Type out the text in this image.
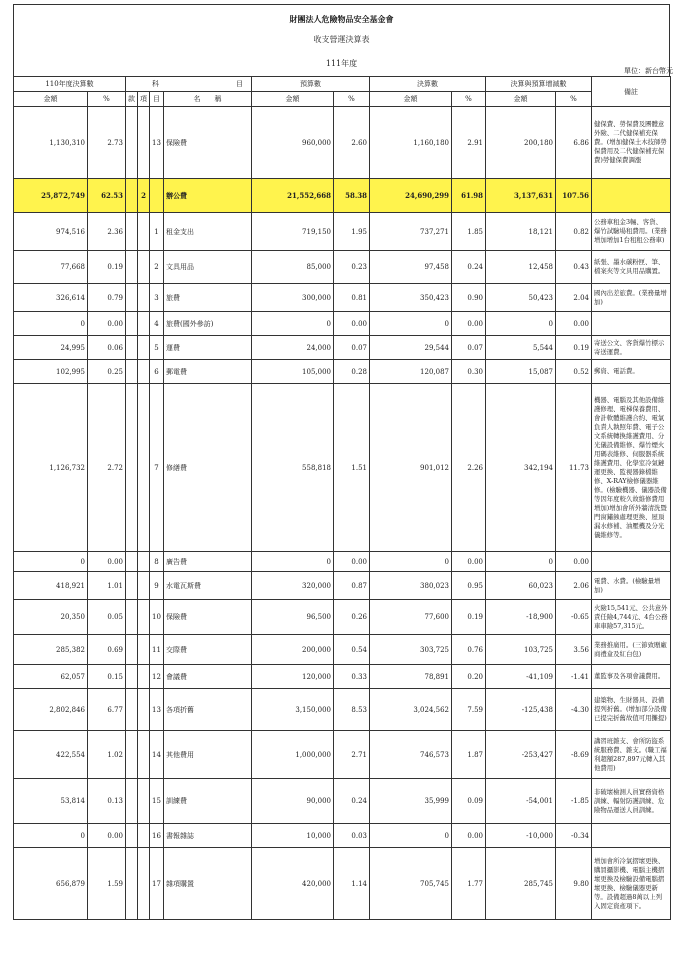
財團法人危險物品安全基金會
收支營運決算表
111年度
單位：新台幣元
110年度決算數		科 目				預算數		決算數		決算與預算增減數		備註
金額	%	款	項	目	名　　稱	金額	%	金額	%	金額	%	
1,130,310	2.73			13	保險費	960,000	2.60	1,160,180	2.91	200,180	6.86	健保費、勞保費及團體意外險、二代健保補充保費。(增加健保土木技師勞保費用及二代健保補充保費)勞健保費調漲
25,872,749	62.53		2		辦公費	21,552,668	58.38	24,690,299	61.98	3,137,631	107.56	
974,516	2.36			1	租金支出	719,150	1.95	737,271	1.85	18,121	0.82	公務車租金3輛、客貨、爆竹試驗場租費用。(業務增加增加1台租租公務車)
77,668	0.19			2	文具用品	85,000	0.23	97,458	0.24	12,458	0.43	紙張、墨水碳粉匣、筆、檔案夾等文具用品購置。
326,614	0.79			3	旅費	300,000	0.81	350,423	0.90	50,423	2.04	國內出差旅費。(業務量增加)
0	0.00			4	旅費(國外參訪)	0	0.00	0	0.00	0	0.00	
24,995	0.06			5	運費	24,000	0.07	29,544	0.07	5,544	0.19	寄送公文、客貨爆竹標示寄送運費。
102,995	0.25			6	郵電費	105,000	0.28	120,087	0.30	15,087	0.52	郵資、電話費。
1,126,732	2.72			7	修繕費	558,818	1.51	901,012	2.26	342,194	11.73	機器、電腦及其他設備維護修理、電梯保養費用、會計軟體維護合約、電氣負責人執照年費、電子公文系統轉換維護費用、分光儀設備維修、爆竹煙火用碼表維修、伺服器系統維護費用、化學室冷氣鏈運更換、監視器錄檔維修、X-RAY檢修儀器維修。(檢驗機器、儀器設備等因年度較久故維修費用增加)增加會所外牆清洗暨門窗鏽蝕處理更換、屋頂漏水修補、油壓機及分光儀維修等。
0	0.00			8	廣告費	0	0.00	0	0.00	0	0.00	
418,921	1.01			9	水電瓦斯費	320,000	0.87	380,023	0.95	60,023	2.06	電費、水費。(檢驗量增加)
20,350	0.05			10	保險費	96,500	0.26	77,600	0.19	-18,900	-0.65	火險15,541元、公共意外責任險4,744元、4台公務車車險57,315元。
285,382	0.69			11	交際費	200,000	0.54	303,725	0.76	103,725	3.56	業務推廣用。(三節致贈廠商禮盒及紅白包)
62,057	0.15			12	會議費	120,000	0.33	78,891	0.20	-41,109	-1.41	董監事及各項會議費用。
2,802,846	6.77			13	各項折舊	3,150,000	8.53	3,024,562	7.59	-125,438	-4.30	建築物、生財器具、設備提列折舊。(增加部分設備已提完折舊故值可用攤提)
422,554	1.02			14	其他費用	1,000,000	2.71	746,573	1.87	-253,427	-8.69	講習班雜支、會所防盜系統服務費、雜支。(職工福利超額287,897元轉入其他費用)
53,814	0.13			15	訓練費	90,000	0.24	35,999	0.09	-54,001	-1.85	非破壞檢測人員實務資格訓練、輻射防護訓練、危險物品運送人員訓練。
0	0.00			16	書報雜誌	10,000	0.03	0	0.00	-10,000	-0.34	
656,879	1.59			17	雜項購置	420,000	1.14	705,745	1.77	285,745	9.80	增加會所冷氣摺壞更換、購買攝影機、電腦主機摺壞更換及檢驗設備電腦摺壞更換、檢驗儀器更新等。設備超過8萬以上列入固定資產項下。
